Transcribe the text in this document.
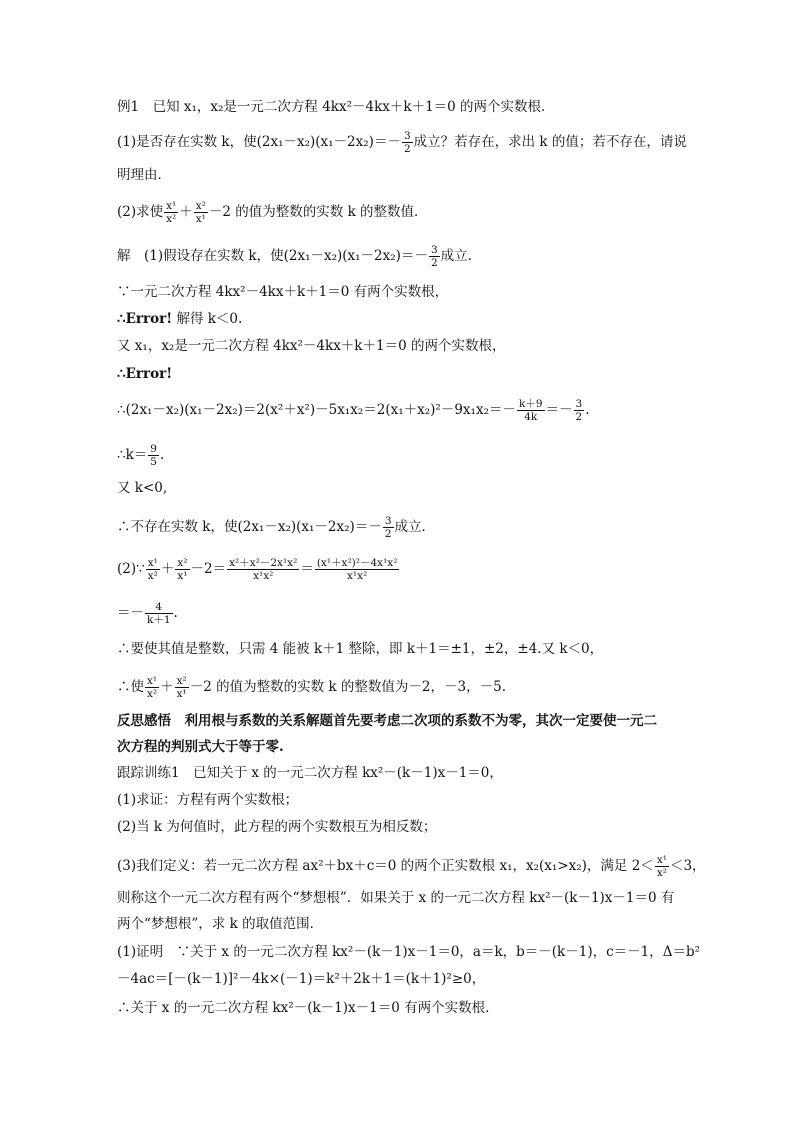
例1　已知 x₁，x₂是一元二次方程 4kx²－4kx＋k＋1＝0 的两个实数根．
(1)是否存在实数 k，使$(2x_1-x_2)(x_1-2x_2)=- \frac{3}{2}$ 成立？若存在，求出 k 的值；若不存在，请说
明理由．
(2)求使 $\frac{\text{x¹}}{\text{x²}} + \frac{\text{x²}}{\text{x¹}} -2$ 的值为整数的实数 k 的整数值．
解　(1)假设存在实数 k，使$(2x_1-x_2)(x_1-2x_2)=- \frac{3}{2}$ 成立．
∵一元二次方程 4kx²－4kx＋k＋1＝0 有两个实数根，
∴Error! 解得 k＜0.
又 x₁，x₂是一元二次方程 4kx²－4kx＋k＋1＝0 的两个实数根，
∴Error!
∴(2x₁－x₂)(x₁－2x₂)＝2(x²＋x²)－5x₁x₂＝2(x₁＋x₂)²－9x₁x₂＝－ $\frac{k+9}{4k} =- \frac{3}{2}$ .
∴k＝ $\frac{9}{5}$ .
又 k<0,
∴不存在实数 k，使$(2x_1-x_2)(x_1-2x_2)=- \frac{3}{2}$ 成立．
(2)∵ $\frac{\text{x¹}}{\text{x²}} + \frac{\text{x²}}{\text{x¹}} -2= \frac{\text{x²＋x²－2x¹x²}}{\text{x¹x²}} = \frac{\text{(x¹＋x²)²－4x¹x²}}{\text{x¹x²}}$
＝－ $\frac{4}{k+1}$ .
∴要使其值是整数，只需 4 能被 k＋1 整除，即 k＋1＝±1，±2，±4.又 k＜0，
∴使 $\frac{\text{x¹}}{\text{x²}} + \frac{\text{x²}}{\text{x¹}} -2$ 的值为整数的实数 k 的整数值为－2，－3，－5.
反思感悟　利用根与系数的关系解题首先要考虑二次项的系数不为零，其次一定要使一元二
次方程的判别式大于等于零.
跟踪训练1　已知关于 x 的一元二次方程 kx²－(k－1)x－1＝0，
(1)求证：方程有两个实数根；
(2)当 k 为何值时，此方程的两个实数根互为相反数；
(3)我们定义：若一元二次方程 ax²＋bx＋c＝0 的两个正实数根 x₁，x₂(x₁>x₂)，满足 $2< \frac{\text{x¹}}{\text{x²}} <3$，
则称这个一元二次方程有两个“梦想根”．如果关于 x 的一元二次方程 kx²－(k－1)x－1＝0 有
两个“梦想根”，求 k 的取值范围．
(1)证明　∵关于 x 的一元二次方程 kx²－(k－1)x－1＝0，a＝k，b＝－(k－1)，c＝－1，Δ＝b²
－4ac＝[－(k－1)]²－4k×(－1)＝k²＋2k＋1＝(k＋1)²≥0，
∴关于 x 的一元二次方程 kx²－(k－1)x－1＝0 有两个实数根.
